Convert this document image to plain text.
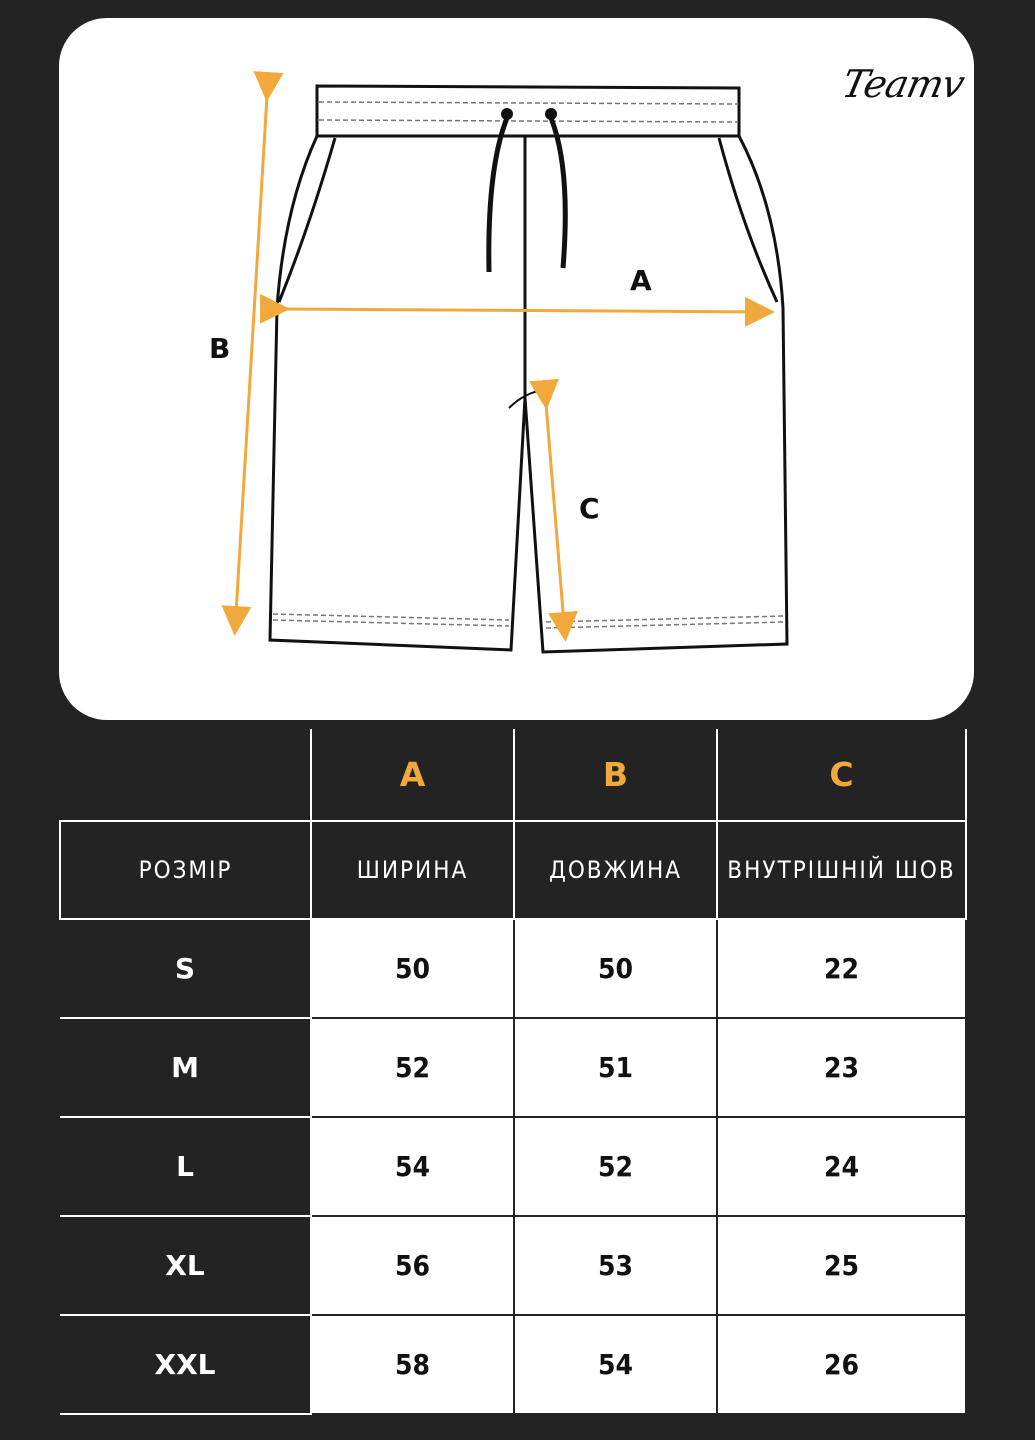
Teamv
A
B
C
	A	B	C
РОЗМІР	ШИРИНА	ДОВЖИНА	ВНУТРІШНІЙ ШОВ
S	50	50	22
M	52	51	23
L	54	52	24
XL	56	53	25
XXL	58	54	26
